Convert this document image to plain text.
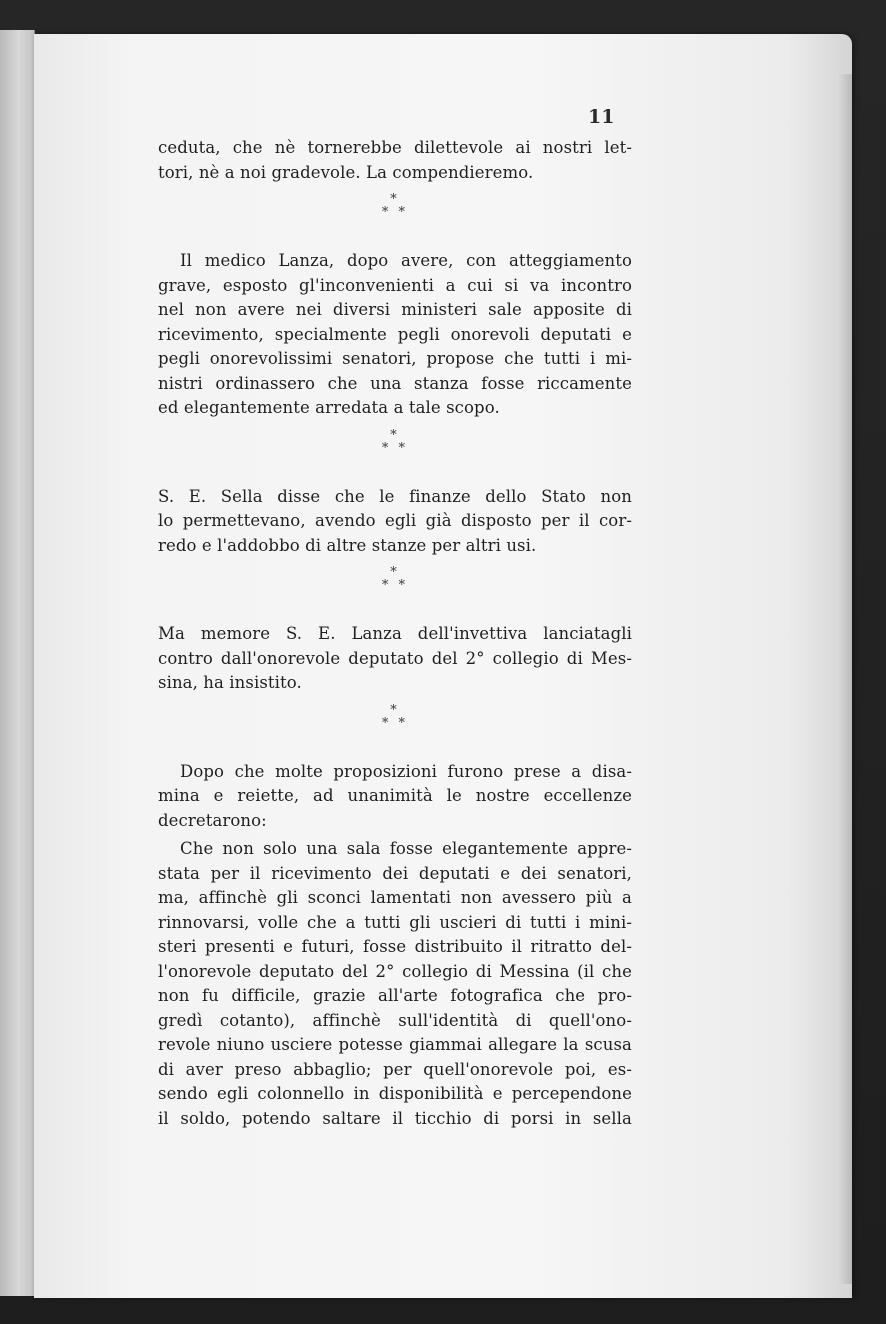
11

ceduta, che nè tornerebbe dilettevole ai nostri let-
tori, nè a noi gradevole. La compendieremo.

*
* *

Il medico Lanza, dopo avere, con atteggiamento
grave, esposto gl'inconvenienti a cui si va incontro
nel non avere nei diversi ministeri sale apposite di
ricevimento, specialmente pegli onorevoli deputati e
pegli onorevolissimi senatori, propose che tutti i mi-
nistri ordinassero che una stanza fosse riccamente
ed elegantemente arredata a tale scopo.

*
* *

S. E. Sella disse che le finanze dello Stato non
lo permettevano, avendo egli già disposto per il cor-
redo e l'addobbo di altre stanze per altri usi.

*
* *

Ma memore S. E. Lanza dell'invettiva lanciatagli
contro dall'onorevole deputato del 2° collegio di Mes-
sina, ha insistito.

*
* *

Dopo che molte proposizioni furono prese a disa-
mina e reiette, ad unanimità le nostre eccellenze
decretarono:

Che non solo una sala fosse elegantemente appre-
stata per il ricevimento dei deputati e dei senatori,
ma, affinchè gli sconci lamentati non avessero più a
rinnovarsi, volle che a tutti gli uscieri di tutti i mini-
steri presenti e futuri, fosse distribuito il ritratto del-
l'onorevole deputato del 2° collegio di Messina (il che
non fu difficile, grazie all'arte fotografica che pro-
gredì cotanto), affinchè sull'identità di quell'ono-
revole niuno usciere potesse giammai allegare la scusa
di aver preso abbaglio; per quell'onorevole poi, es-
sendo egli colonnello in disponibilità e percependone
il soldo, potendo saltare il ticchio di porsi in sella
